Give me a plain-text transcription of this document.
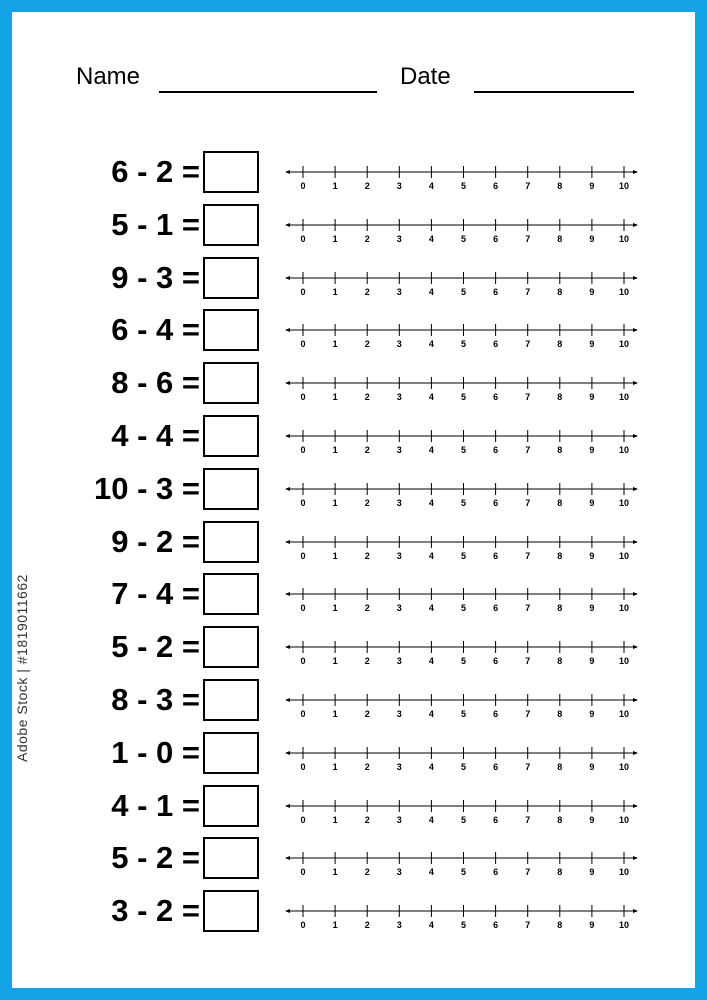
Name	Date
6 - 2 =	0	1	2	3	4	5	6	7	8	9	10
5 - 1 =	0	1	2	3	4	5	6	7	8	9	10
9 - 3 =	0	1	2	3	4	5	6	7	8	9	10
6 - 4 =	0	1	2	3	4	5	6	7	8	9	10
8 - 6 =	0	1	2	3	4	5	6	7	8	9	10
4 - 4 =	0	1	2	3	4	5	6	7	8	9	10
10 - 3 =	0	1	2	3	4	5	6	7	8	9	10
9 - 2 =	0	1	2	3	4	5	6	7	8	9	10
7 - 4 =	0	1	2	3	4	5	6	7	8	9	10
5 - 2 =	0	1	2	3	4	5	6	7	8	9	10
8 - 3 =	0	1	2	3	4	5	6	7	8	9	10
1 - 0 =	0	1	2	3	4	5	6	7	8	9	10
4 - 1 =	0	1	2	3	4	5	6	7	8	9	10
5 - 2 =	0	1	2	3	4	5	6	7	8	9	10
3 - 2 =	0	1	2	3	4	5	6	7	8	9	10
Adobe Stock | #1819011662
